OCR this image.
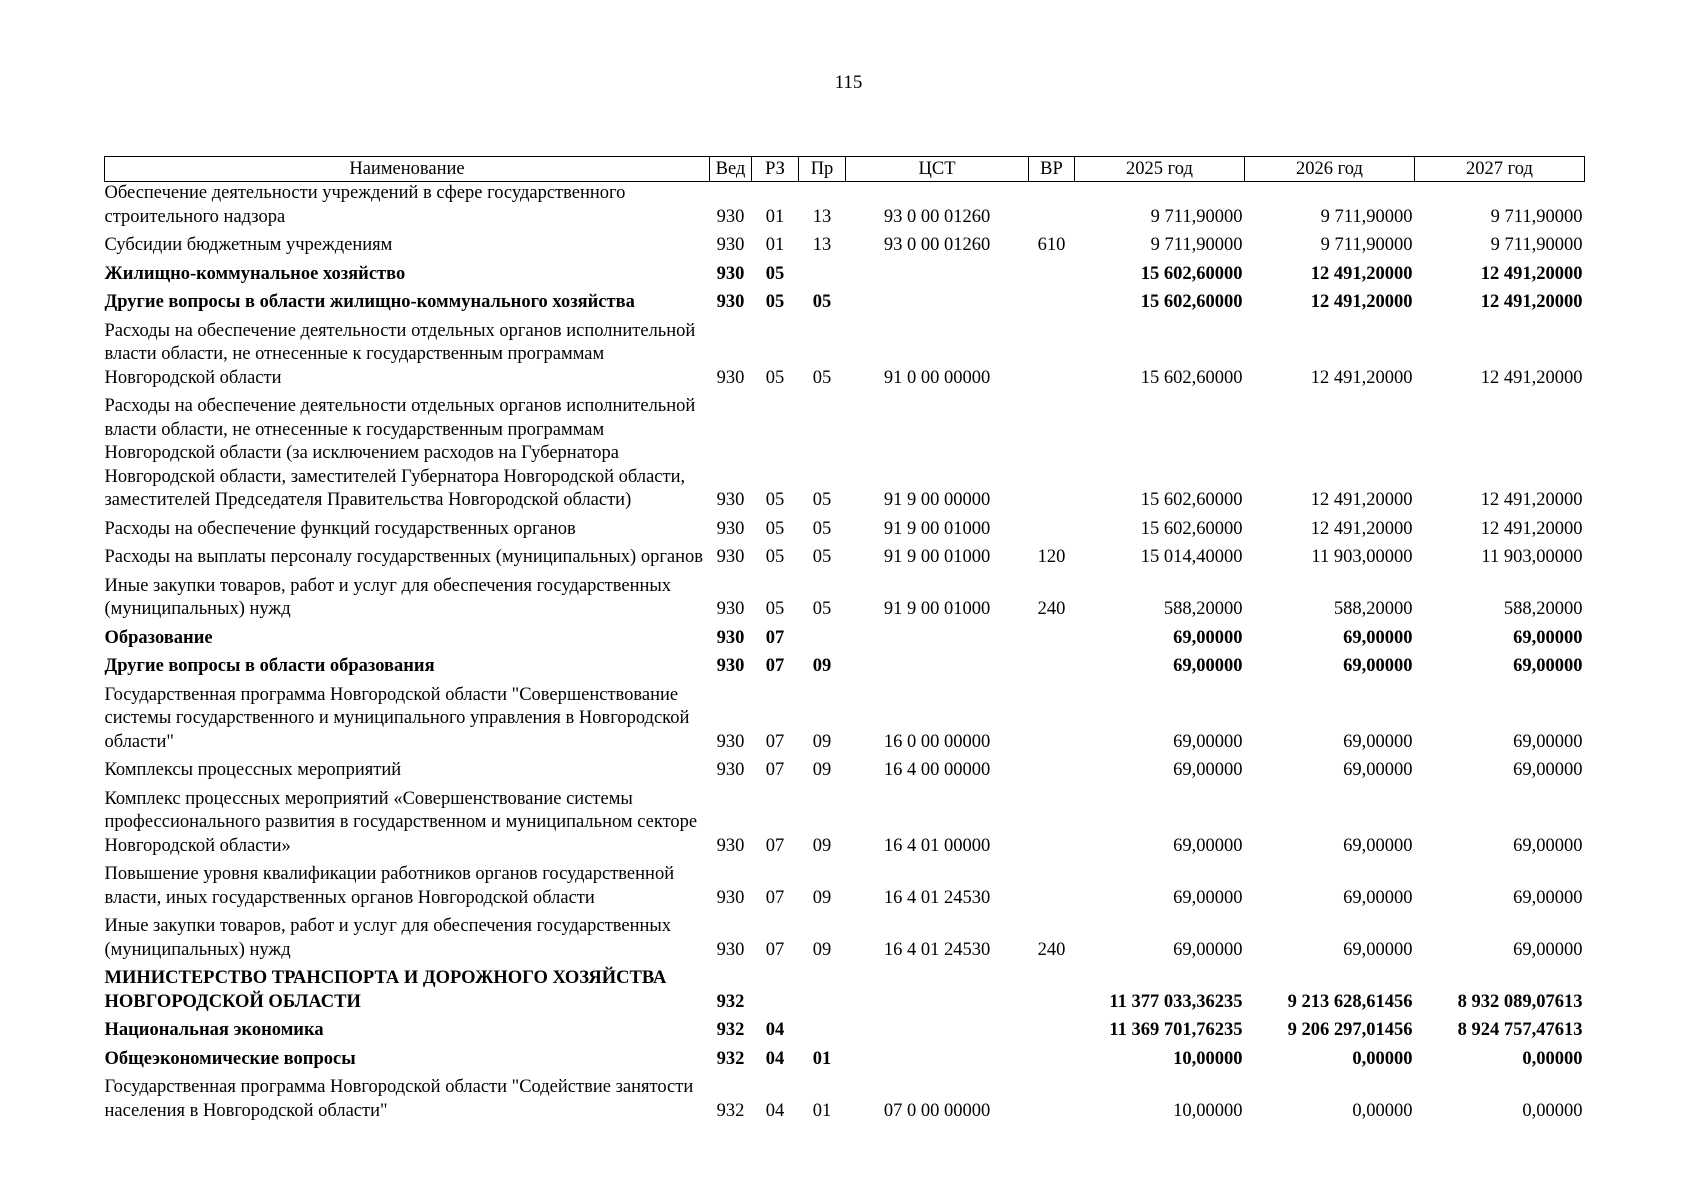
115
Наименование	Вед	РЗ	Пр	ЦСТ	ВР	2025 год	2026 год	2027 год
Обеспечение деятельности учреждений в сфере государственного строительного надзора	930	01	13	93 0 00 01260		9 711,90000	9 711,90000	9 711,90000
Субсидии бюджетным учреждениям	930	01	13	93 0 00 01260	610	9 711,90000	9 711,90000	9 711,90000
Жилищно-коммунальное хозяйство	930	05				15 602,60000	12 491,20000	12 491,20000
Другие вопросы в области жилищно-коммунального хозяйства	930	05	05			15 602,60000	12 491,20000	12 491,20000
Расходы на обеспечение деятельности отдельных органов исполнительной власти области, не отнесенные к государственным программам Новгородской области	930	05	05	91 0 00 00000		15 602,60000	12 491,20000	12 491,20000
Расходы на обеспечение деятельности отдельных органов исполнительной власти области, не отнесенные к государственным программам Новгородской области (за исключением расходов на Губернатора Новгородской области, заместителей Губернатора Новгородской области, заместителей Председателя Правительства Новгородской области)	930	05	05	91 9 00 00000		15 602,60000	12 491,20000	12 491,20000
Расходы на обеспечение функций государственных органов	930	05	05	91 9 00 01000		15 602,60000	12 491,20000	12 491,20000
Расходы на выплаты персоналу государственных (муниципальных) органов	930	05	05	91 9 00 01000	120	15 014,40000	11 903,00000	11 903,00000
Иные закупки товаров, работ и услуг для обеспечения государственных (муниципальных) нужд	930	05	05	91 9 00 01000	240	588,20000	588,20000	588,20000
Образование	930	07				69,00000	69,00000	69,00000
Другие вопросы в области образования	930	07	09			69,00000	69,00000	69,00000
Государственная программа Новгородской области "Совершенствование системы государственного и муниципального управления в Новгородской области"	930	07	09	16 0 00 00000		69,00000	69,00000	69,00000
Комплексы процессных мероприятий	930	07	09	16 4 00 00000		69,00000	69,00000	69,00000
Комплекс процессных мероприятий «Совершенствование системы профессионального развития в государственном и муниципальном секторе Новгородской области»	930	07	09	16 4 01 00000		69,00000	69,00000	69,00000
Повышение уровня квалификации работников органов государственной власти, иных государственных органов Новгородской области	930	07	09	16 4 01 24530		69,00000	69,00000	69,00000
Иные закупки товаров, работ и услуг для обеспечения государственных (муниципальных) нужд	930	07	09	16 4 01 24530	240	69,00000	69,00000	69,00000
МИНИСТЕРСТВО ТРАНСПОРТА И ДОРОЖНОГО ХОЗЯЙСТВА НОВГОРОДСКОЙ ОБЛАСТИ	932					11 377 033,36235	9 213 628,61456	8 932 089,07613
Национальная экономика	932	04				11 369 701,76235	9 206 297,01456	8 924 757,47613
Общеэкономические вопросы	932	04	01			10,00000	0,00000	0,00000
Государственная программа Новгородской области "Содействие занятости населения в Новгородской области"	932	04	01	07 0 00 00000		10,00000	0,00000	0,00000
